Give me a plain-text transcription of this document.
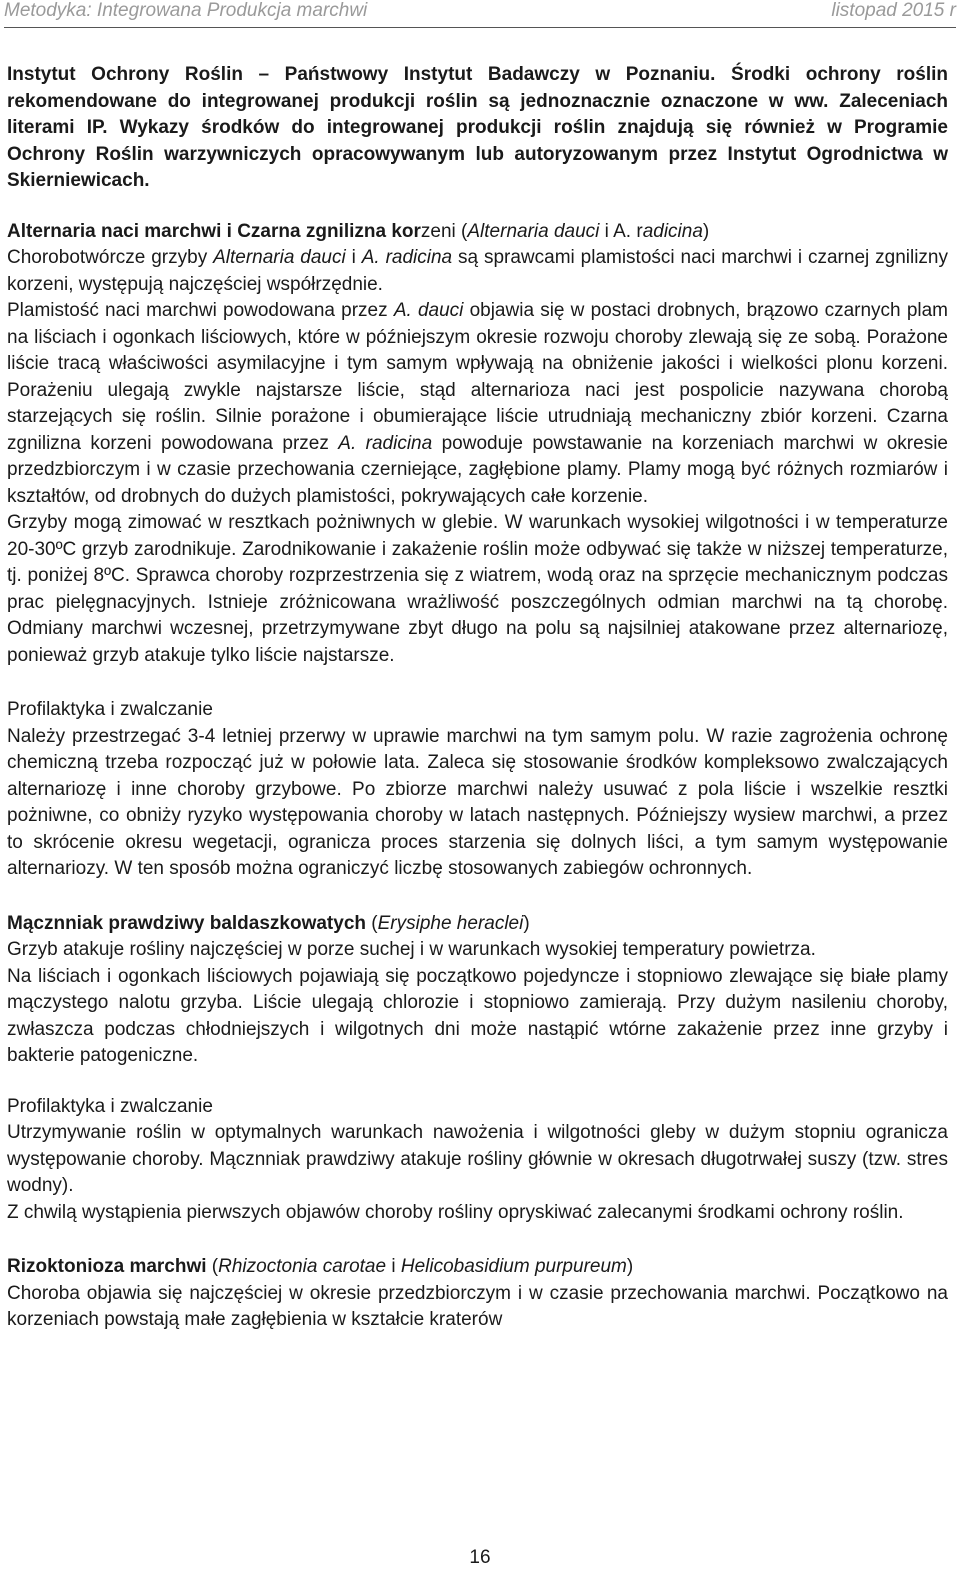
Metodyka: Integrowana Produkcja marchwi	listopad 2015 r

Instytut Ochrony Roślin – Państwowy Instytut Badawczy w Poznaniu. Środki ochrony roślin rekomendowane do integrowanej produkcji roślin są jednoznacznie oznaczone w ww. Zaleceniach literami IP. Wykazy środków do integrowanej produkcji roślin znajdują się również w Programie Ochrony Roślin warzywniczych opracowywanym lub autoryzowanym przez Instytut Ogrodnictwa w Skierniewicach.

Alternaria naci marchwi i Czarna zgnilizna korzeni (Alternaria dauci i A. radicina)

Chorobotwórcze grzyby Alternaria dauci i A. radicina są sprawcami plamistości naci marchwi i czarnej zgnilizny korzeni, występują najczęściej współrzędnie.

Plamistość naci marchwi powodowana przez A. dauci objawia się w postaci drobnych, brązowo czarnych plam na liściach i ogonkach liściowych, które w późniejszym okresie rozwoju choroby zlewają się ze sobą. Porażone liście tracą właściwości asymilacyjne i tym samym wpływają na obniżenie jakości i wielkości plonu korzeni. Porażeniu ulegają zwykle najstarsze liście, stąd alternarioza naci jest pospolicie nazywana chorobą starzejących się roślin. Silnie porażone i obumierające liście utrudniają mechaniczny zbiór korzeni. Czarna zgnilizna korzeni powodowana przez A. radicina powoduje powstawanie na korzeniach marchwi w okresie przedzbiorczym i w czasie przechowania czerniejące, zagłębione plamy. Plamy mogą być różnych rozmiarów i kształtów, od drobnych do dużych plamistości, pokrywających całe korzenie.

Grzyby mogą zimować w resztkach pożniwnych w glebie. W warunkach wysokiej wilgotności i w temperaturze 20-30ºC grzyb zarodnikuje. Zarodnikowanie i zakażenie roślin może odbywać się także w niższej temperaturze, tj. poniżej 8ºC. Sprawca choroby rozprzestrzenia się z wiatrem, wodą oraz na sprzęcie mechanicznym podczas prac pielęgnacyjnych. Istnieje zróżnicowana wrażliwość poszczególnych odmian marchwi na tą chorobę. Odmiany marchwi wczesnej, przetrzymywane zbyt długo na polu są najsilniej atakowane przez alternariozę, ponieważ grzyb atakuje tylko liście najstarsze.

Profilaktyka i zwalczanie

Należy przestrzegać 3-4 letniej przerwy w uprawie marchwi na tym samym polu. W razie zagrożenia ochronę chemiczną trzeba rozpocząć już w połowie lata. Zaleca się stosowanie środków kompleksowo zwalczających alternariozę i inne choroby grzybowe. Po zbiorze marchwi należy usuwać z pola liście i wszelkie resztki pożniwne, co obniży ryzyko występowania choroby w latach następnych. Późniejszy wysiew marchwi, a przez to skrócenie okresu wegetacji, ogranicza proces starzenia się dolnych liści, a tym samym występowanie alternariozy. W ten sposób można ograniczyć liczbę stosowanych zabiegów ochronnych.

Mącznniak prawdziwy baldaszkowatych (Erysiphe heraclei)

Grzyb atakuje rośliny najczęściej w porze suchej i w warunkach wysokiej temperatury powietrza.

Na liściach i ogonkach liściowych pojawiają się początkowo pojedyncze i stopniowo zlewające się białe plamy mączystego nalotu grzyba. Liście ulegają chlorozie i stopniowo zamierają. Przy dużym nasileniu choroby, zwłaszcza podczas chłodniejszych i wilgotnych dni może nastąpić wtórne zakażenie przez inne grzyby i bakterie patogeniczne.

Profilaktyka i zwalczanie

Utrzymywanie roślin w optymalnych warunkach nawożenia i wilgotności gleby w dużym stopniu ogranicza występowanie choroby. Mącznniak prawdziwy atakuje rośliny głównie w okresach długotrwałej suszy (tzw. stres wodny).

Z chwilą wystąpienia pierwszych objawów choroby rośliny opryskiwać zalecanymi środkami ochrony roślin.

Rizoktonioza marchwi (Rhizoctonia carotae i Helicobasidium purpureum)

Choroba objawia się najczęściej w okresie przedzbiorczym i w czasie przechowania marchwi. Początkowo na korzeniach powstają małe zagłębienia w kształcie kraterów

16
